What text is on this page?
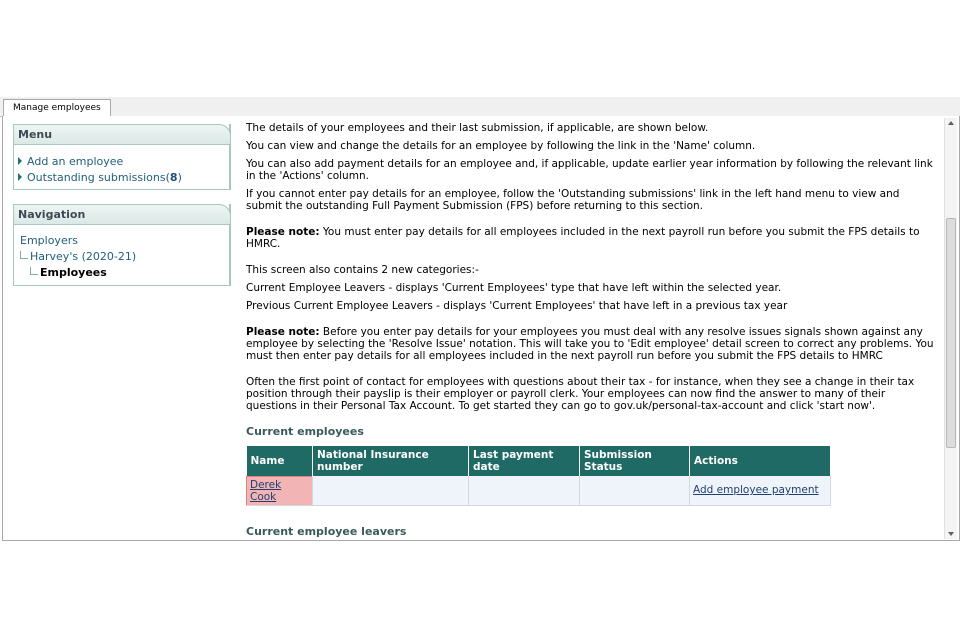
Manage employees
Menu
Add an employee
Outstanding submissions (8)
Navigation
Employers
Harvey's (2020-21)
Employees

The details of your employees and their last submission, if applicable, are shown below.

You can view and change the details for an employee by following the link in the 'Name' column.

You can also add payment details for an employee and, if applicable, update earlier year information by following the relevant link in the 'Actions' column.

If you cannot enter pay details for an employee, follow the 'Outstanding submissions' link in the left hand menu to view and submit the outstanding Full Payment Submission (FPS) before returning to this section.

Please note: You must enter pay details for all employees included in the next payroll run before you submit the FPS details to HMRC.

This screen also contains 2 new categories:-

Current Employee Leavers - displays 'Current Employees' type that have left within the selected year.

Previous Current Employee Leavers - displays 'Current Employees' that have left in a previous tax year

Please note: Before you enter pay details for your employees you must deal with any resolve issues signals shown against any employee by selecting the 'Resolve Issue' notation. This will take you to 'Edit employee' detail screen to correct any problems. You must then enter pay details for all employees included in the next payroll run before you submit the FPS details to HMRC

Often the first point of contact for employees with questions about their tax - for instance, when they see a change in their tax position through their payslip is their employer or payroll clerk. Your employees can now find the answer to many of their questions in their Personal Tax Account. To get started they can go to gov.uk/personal-tax-account and click 'start now'.

Current employees
Name	National Insurance number	Last payment date	Submission Status	Actions
Derek Cook				Add employee payment
Current employee leavers
